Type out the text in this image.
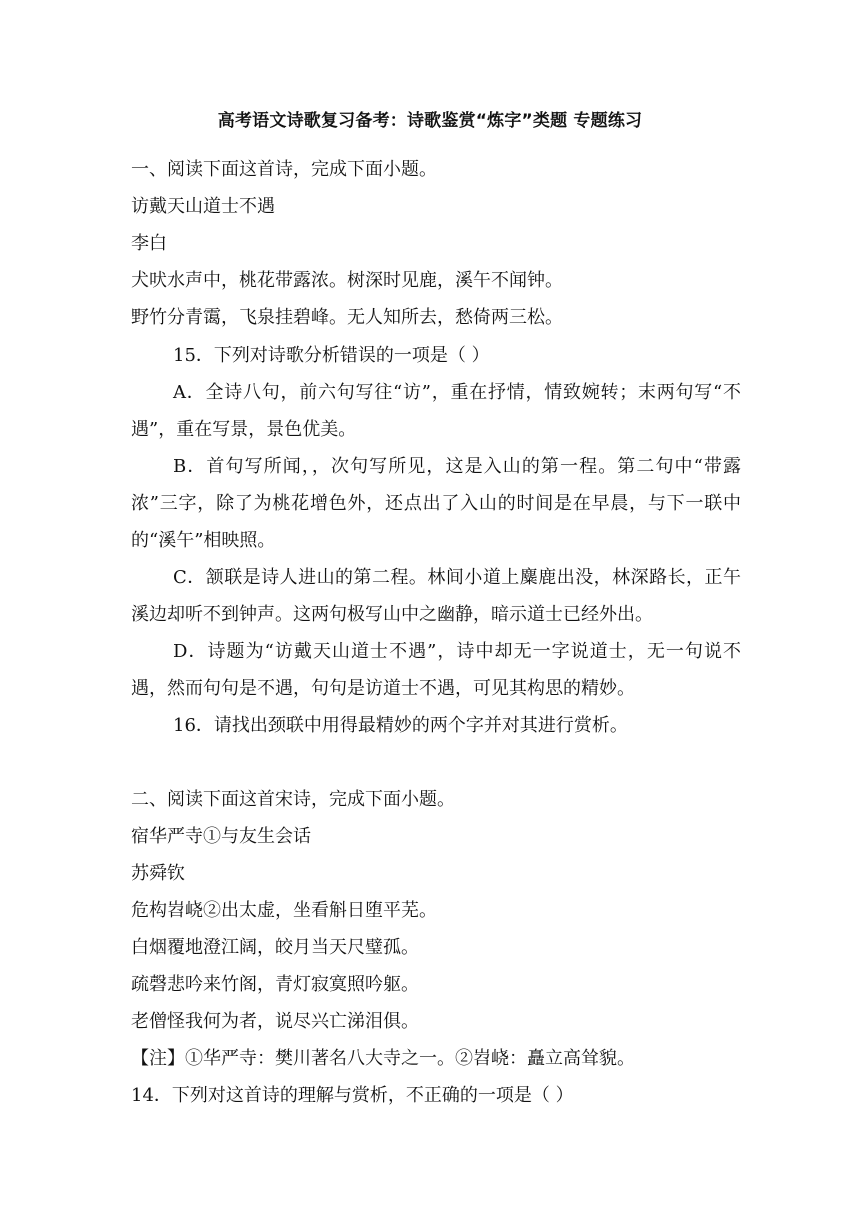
高考语文诗歌复习备考：诗歌鉴赏“炼字”类题 专题练习
一、阅读下面这首诗，完成下面小题。
访戴天山道士不遇
李白
犬吠水声中，桃花带露浓。树深时见鹿，溪午不闻钟。
野竹分青霭，飞泉挂碧峰。无人知所去，愁倚两三松。
15．下列对诗歌分析错误的一项是（ ）
A．全诗八句，前六句写往“访”，重在抒情，情致婉转；末两句写“不遇”，重在写景，景色优美。
B．首句写所闻，，次句写所见，这是入山的第一程。第二句中“带露浓”三字，除了为桃花增色外，还点出了入山的时间是在早晨，与下一联中的“溪午”相映照。
C．颔联是诗人进山的第二程。林间小道上麋鹿出没，林深路长，正午溪边却听不到钟声。这两句极写山中之幽静，暗示道士已经外出。
D．诗题为“访戴天山道士不遇”，诗中却无一字说道士，无一句说不遇，然而句句是不遇，句句是访道士不遇，可见其构思的精妙。
16．请找出颈联中用得最精妙的两个字并对其进行赏析。
二、阅读下面这首宋诗，完成下面小题。
宿华严寺①与友生会话
苏舜钦
危构岧峣②出太虚，坐看斛日堕平芜。
白烟覆地澄江阔，皎月当天尺璧孤。
疏磬悲吟来竹阁，青灯寂寞照吟躯。
老僧怪我何为者，说尽兴亡涕泪俱。
【注】①华严寺：樊川著名八大寺之一。②岧峣：矗立高耸貌。
14．下列对这首诗的理解与赏析，不正确的一项是（ ）
